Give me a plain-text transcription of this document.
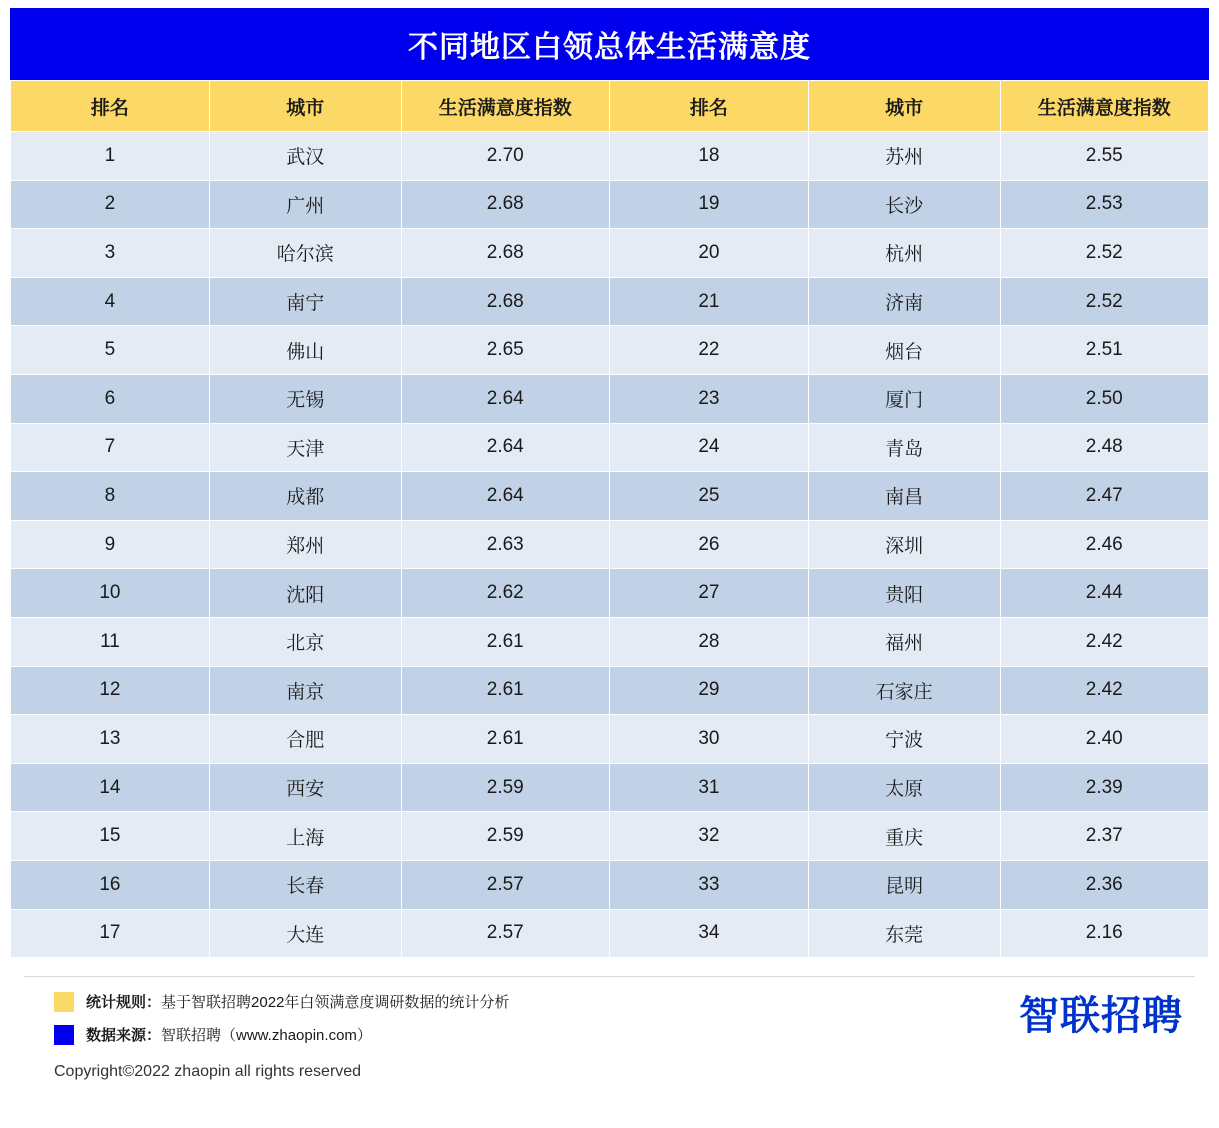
不同地区白领总体生活满意度
排名	城市	生活满意度指数	排名	城市	生活满意度指数
1	武汉	2.70	18	苏州	2.55
2	广州	2.68	19	长沙	2.53
3	哈尔滨	2.68	20	杭州	2.52
4	南宁	2.68	21	济南	2.52
5	佛山	2.65	22	烟台	2.51
6	无锡	2.64	23	厦门	2.50
7	天津	2.64	24	青岛	2.48
8	成都	2.64	25	南昌	2.47
9	郑州	2.63	26	深圳	2.46
10	沈阳	2.62	27	贵阳	2.44
11	北京	2.61	28	福州	2.42
12	南京	2.61	29	石家庄	2.42
13	合肥	2.61	30	宁波	2.40
14	西安	2.59	31	太原	2.39
15	上海	2.59	32	重庆	2.37
16	长春	2.57	33	昆明	2.36
17	大连	2.57	34	东莞	2.16
统计规则：基于智联招聘2022年白领满意度调研数据的统计分析
数据来源：智联招聘（www.zhaopin.com）	智联招聘
Copyright©2022 zhaopin all rights reserved
